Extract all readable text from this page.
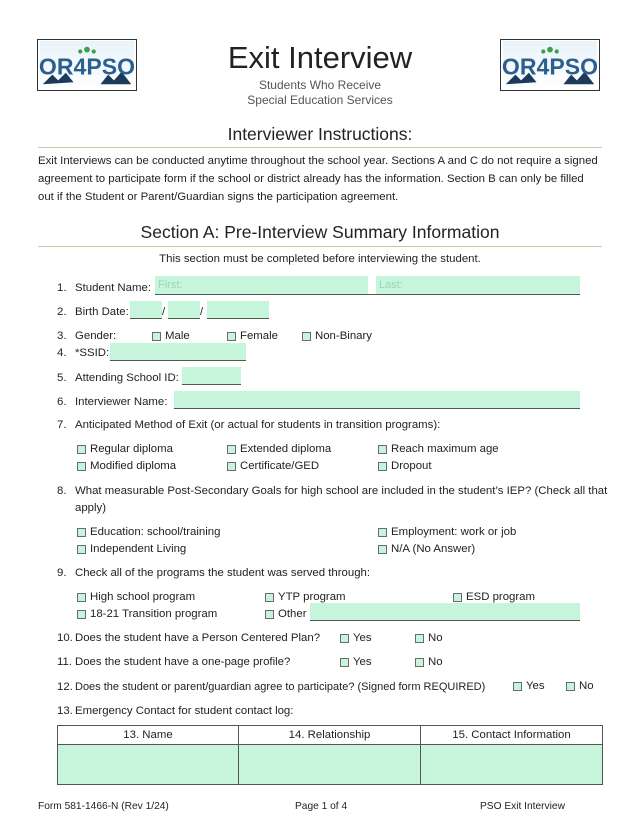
OR4PSO	OR4PSO
Exit Interview
Students Who Receive
Special Education Services
Interviewer Instructions:
Exit Interviews can be conducted anytime throughout the school year. Sections A and C do not require a signed
agreement to participate form if the school or district already has the information. Section B can only be filled
out if the Student or Parent/Guardian signs the participation agreement.
Section A: Pre-Interview Summary Information
This section must be completed before interviewing the student.
1. Student Name: First:	Last:
2. Birth Date:	/	/
3. Gender:	Male	Female	Non-Binary
4. *SSID:
5. Attending School ID:
6. Interviewer Name:
7. Anticipated Method of Exit (or actual for students in transition programs):
Regular diploma	Extended diploma	Reach maximum age
Modified diploma	Certificate/GED	Dropout
8. What measurable Post-Secondary Goals for high school are included in the student’s IEP? (Check all that
apply)
Education: school/training	Employment: work or job
Independent Living	N/A (No Answer)
9. Check all of the programs the student was served through:
High school program	YTP program	ESD program
18-21 Transition program	Other
10. Does the student have a Person Centered Plan?	Yes	No
11. Does the student have a one-page profile?	Yes	No
12. Does the student or parent/guardian agree to participate? (Signed form REQUIRED)	Yes	No
13. Emergency Contact for student contact log:
13. Name	14. Relationship	15. Contact Information
Form 581-1466-N (Rev 1/24)	Page 1 of 4	PSO Exit Interview
